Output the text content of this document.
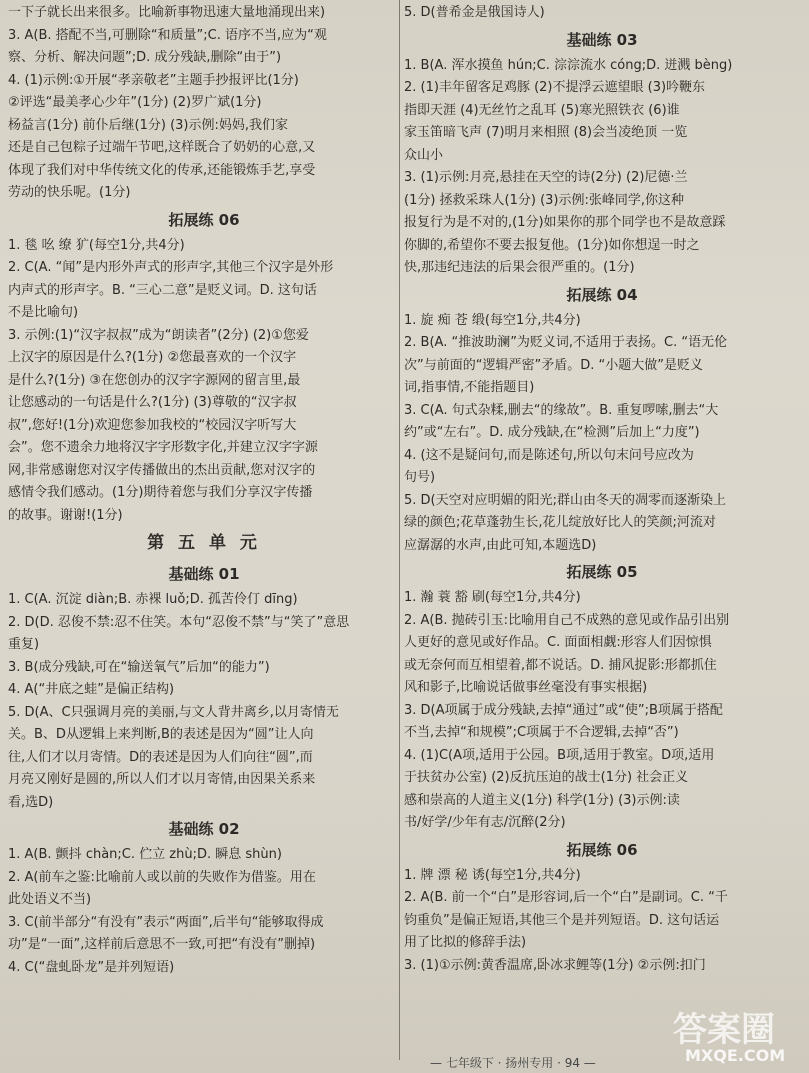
一下子就长出来很多。比喻新事物迅速大量地涌现出来)
3. A(B. 搭配不当,可删除“和质量”;C. 语序不当,应为“观
察、分析、解决问题”;D. 成分残缺,删除“由于”)
4. (1)示例:①开展“孝亲敬老”主题手抄报评比(1分)
②评选“最美孝心少年”(1分) (2)罗广斌(1分)
杨益言(1分) 前仆后继(1分) (3)示例:妈妈,我们家
还是自己包粽子过端午节吧,这样既合了奶奶的心意,又
体现了我们对中华传统文化的传承,还能锻炼手艺,享受
劳动的快乐呢。(1分)
拓展练 06
1. 毯 吆 缭 犷(每空1分,共4分)
2. C(A. “闻”是内形外声式的形声字,其他三个汉字是外形
内声式的形声字。B. “三心二意”是贬义词。D. 这句话
不是比喻句)
3. 示例:(1)“汉字叔叔”成为“朗读者”(2分) (2)①您爱
上汉字的原因是什么?(1分) ②您最喜欢的一个汉字
是什么?(1分) ③在您创办的汉字字源网的留言里,最
让您感动的一句话是什么?(1分) (3)尊敬的“汉字叔
叔”,您好!(1分)欢迎您参加我校的“校园汉字听写大
会”。您不遗余力地将汉字字形数字化,并建立汉字字源
网,非常感谢您对汉字传播做出的杰出贡献,您对汉字的
感情令我们感动。(1分)期待着您与我们分享汉字传播
的故事。谢谢!(1分)
第 五 单 元
基础练 01
1. C(A. 沉淀 diàn;B. 赤裸 luǒ;D. 孤苦伶仃 dīng)
2. D(D. 忍俊不禁:忍不住笑。本句“忍俊不禁”与“笑了”意思
重复)
3. B(成分残缺,可在“输送氧气”后加“的能力”)
4. A(“井底之蛙”是偏正结构)
5. D(A、C只强调月亮的美丽,与文人背井离乡,以月寄情无
关。B、D从逻辑上来判断,B的表述是因为“圆”让人向
往,人们才以月寄情。D的表述是因为人们向往“圆”,而
月亮又刚好是圆的,所以人们才以月寄情,由因果关系来
看,选D)
基础练 02
1. A(B. 颤抖 chàn;C. 伫立 zhù;D. 瞬息 shùn)
2. A(前车之鉴:比喻前人或以前的失败作为借鉴。用在
此处语义不当)
3. C(前半部分“有没有”表示“两面”,后半句“能够取得成
功”是“一面”,这样前后意思不一致,可把“有没有”删掉)
4. C(“盘虬卧龙”是并列短语)
5. D(普希金是俄国诗人)
基础练 03
1. B(A. 浑水摸鱼 hún;C. 淙淙流水 cóng;D. 迸溅 bèng)
2. (1)丰年留客足鸡豚 (2)不提浮云遮望眼 (3)吟鞭东
指即天涯 (4)无丝竹之乱耳 (5)寒光照铁衣 (6)谁
家玉笛暗飞声 (7)明月来相照 (8)会当凌绝顶 一览
众山小
3. (1)示例:月亮,悬挂在天空的诗(2分) (2)尼德·兰
(1分) 拯救采珠人(1分) (3)示例:张峰同学,你这种
报复行为是不对的,(1分)如果你的那个同学也不是故意踩
你脚的,希望你不要去报复他。(1分)如你想逞一时之
快,那违纪违法的后果会很严重的。(1分)
拓展练 04
1. 旋 痴 苍 缎(每空1分,共4分)
2. B(A. “推波助澜”为贬义词,不适用于表扬。C. “语无伦
次”与前面的“逻辑严密”矛盾。D. “小题大做”是贬义
词,指事情,不能指题目)
3. C(A. 句式杂糅,删去“的缘故”。B. 重复啰嗦,删去“大
约”或“左右”。D. 成分残缺,在“检测”后加上“力度”)
4. (这不是疑问句,而是陈述句,所以句末问号应改为
句号)
5. D(天空对应明媚的阳光;群山由冬天的凋零而逐渐染上
绿的颜色;花草蓬勃生长,花儿绽放好比人的笑颜;河流对
应潺潺的水声,由此可知,本题选D)
拓展练 05
1. 瀚 蓑 豁 刷(每空1分,共4分)
2. A(B. 抛砖引玉:比喻用自己不成熟的意见或作品引出别
人更好的意见或好作品。C. 面面相觑:形容人们因惊惧
或无奈何而互相望着,都不说话。D. 捕风捉影:形都抓住
风和影子,比喻说话做事丝毫没有事实根据)
3. D(A项属于成分残缺,去掉“通过”或“使”;B项属于搭配
不当,去掉“和规模”;C项属于不合逻辑,去掉“否”)
4. (1)C(A项,适用于公园。B项,适用于教室。D项,适用
于扶贫办公室) (2)反抗压迫的战士(1分) 社会正义
感和崇高的人道主义(1分) 科学(1分) (3)示例:读
书/好学/少年有志/沉醉(2分)
拓展练 06
1. 牌 漂 秘 诱(每空1分,共4分)
2. A(B. 前一个“白”是形容词,后一个“白”是副词。C. “千
钧重负”是偏正短语,其他三个是并列短语。D. 这句话运
用了比拟的修辞手法)
3. (1)①示例:黄香温席,卧冰求鲤等(1分) ②示例:扣门
— 七年级下 · 扬州专用 · 94 —
答案圈
MXQE.COM
